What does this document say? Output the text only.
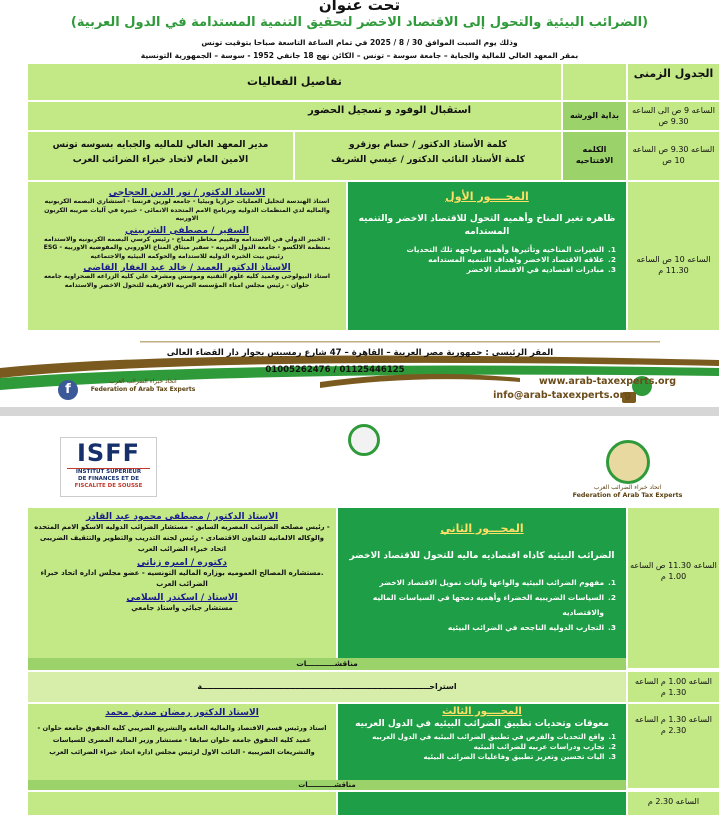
تحت عنوان
(الضرائب البيئية والتحول إلى الاقتصاد الاخضر لتحقيق التنمية المستدامة في الدول العربية)
وذلك يوم السبت الموافق 30 / 8 / 2025 في تمام الساعة التاسعة صباحا بتوقيت تونس
بمقر المعهد العالي للمالية والجباية – جامعة سوسة – تونس – الكائن نهج 18 جانفي 1952 - سوسة – الجمهورية التونسية
الجدول الزمنى
تفاصيل الفعاليات
الساعه 9 ص الى الساعه 9.30 ص
بداية الورشه
استقبال الوفود و تسجيل الحضور
الساعه 9.30 ص الساعه 10 ص
الكلمه الافتتاحيه
كلمة الأستاذ الدكتور / حسام بوزقرو
كلمة الأستاذ النائب الدكتور / عيسي الشريف
مدير المعهد العالي للماليه والجبايه بسوسه تونس
الامين العام لاتحاد خبراء الضرائب العرب
الساعه 10 ص الساعه 11.30 م
المحــــور الأول
ظاهره تغير المناخ وأهميه التحول للاقتصاد الاخضر والتنميه المستدامه
1.
التغيرات المناخيه وتأثيرها وأهميه مواجهه تلك التحديات
2.
علاقه الاقتصاد الاخضر واهداف التنميه المستدامه
3.
مبادرات اقتصاديه في الاقتصاد الاخضر
الاستاذ الدكتور / نور الدين الحجاجي
استاذ الهندسة لتحليل العمليات حراريا وبيئيا - جامعه لورين فرنسا - استشاري البصمه الكربونيه والماليه لدي المنظمات الدوليه وبرنامج الامم المتحده الانمائى - خبيره في آليات ضريبه الكربون الاوربيه
السفير / مصطفى الشربيني
- الخبير الدولي في الاستدامه وتقييم مخاطر المناخ - رئيس كرسي البصمه الكربونيه والاستدامه بمنظمة الالكسو - جامعة الدول العربيه - سفير ميثاق المناخ الاوروبي والمفوضيه الاوربيه - ESG رئيس بيت الخبره الدوليه للاستدامه والحوكمه البيئيه والاجتماعيه
الاستاذ الدكتور العميد / خالد عبد الغفار القاضى
استاذ البيولوجى وعميد كليه علوم التقنيه وموسس ومشرف علي كليه الزراعه الصحراويه جامعه حلوان - رئيس مجلس امناء المؤسسه العربيه الافريقيه للتحول الاخضر والاستدامه
f
اتحاد خبراء الضرائب العرب
Federation of Arab Tax Experts
المقر الرئيسى : جمهورية مصر العربية – القاهرة – 47 شارع رمسيس بجوار دار القضاء العالى
01005262476 / 01125446125
www.arab-taxexperts.org
info@arab-taxexperts.org
ISFF
INSTITUT SUPERIEUR
DE FINANCES ET DE
FISCALITE DE SOUSSE	اتحاد خبراء الضرائب العرب
Federation of Arab Tax Experts
الساعه 11.30 ص الساعه 1.00 م
المحـــور الثاني
الضرائب البيئيه كاداه اقتصاديه ماليه للتحول للاقتصاد الاخضر
1.
مفهوم الضرائب البيئيه والواعها وآليات تمويل الاقتصاد الاخضر
2.
السياسات الضريبيه الخضراء وأهميه دمجها في السياسات الماليه والاقتصاديه
3.
التجارب الدوليه الناجحه في الضرائب البيئيه
الاستاذ الدكتور / مصطفى محمود عبد القادر
- رئيس مصلحه الضرائب المصريه السابق - مستشار الضرائب الدوليه الاسكو الامم المتحده والوكاله الالمانيه للتعاون الاقتصادى - رئيس لجنه التدريب والتطوير والتثقيف الضريبى اتحاد خبراء الضرائب العرب
دكتوره / اميره زناتي
.مستشاره المصالح العموميه بوزاره الماليه التونسيه - عضو مجلس اداره اتحاد خبراء الضرائب العرب
الاستاذ / اسكندر السلامي
مستشار جبائي واستاذ جامعي
مناقشـــــــــــات
الساعه 1.00 م الساعه 1.30 م
استراحـــــــــــــــــــــــــــــــــــــــــــــــــــــــــــــــــــــــــــــــــــة
الساعه 1.30 م الساعه 2.30 م
المحــــور الثالث
معوقات وتحديات تطبيق الضرائب البيئيه في الدول العربيه
1.
واقع التحديات والفرص في تطبيق الضرائب البيئيه في الدول العربيه
2.
تجارب ودراسات عربيه للضرائب البيئيه
3.
اليات تحسين وتعزيز تطبيق وفاعليات الضرائب البيئيه
الاستاذ الدكتور رمضان صديق محمد
استاذ ورئيس قسم الاقتصاد والماليه العامه والتشريع الضريبي كليه الحقوق جامعه حلوان - عميد كليه الحقوق جامعه حلوان سابقا - مستشار وزير الماليه المصرى للسياسات والتشريعات الضريبيه - النائب الاول لرئيس مجلس اداره اتحاد خبراء الضرائب العرب
مناقشـــــــــــات
الساعه 2.30 م
